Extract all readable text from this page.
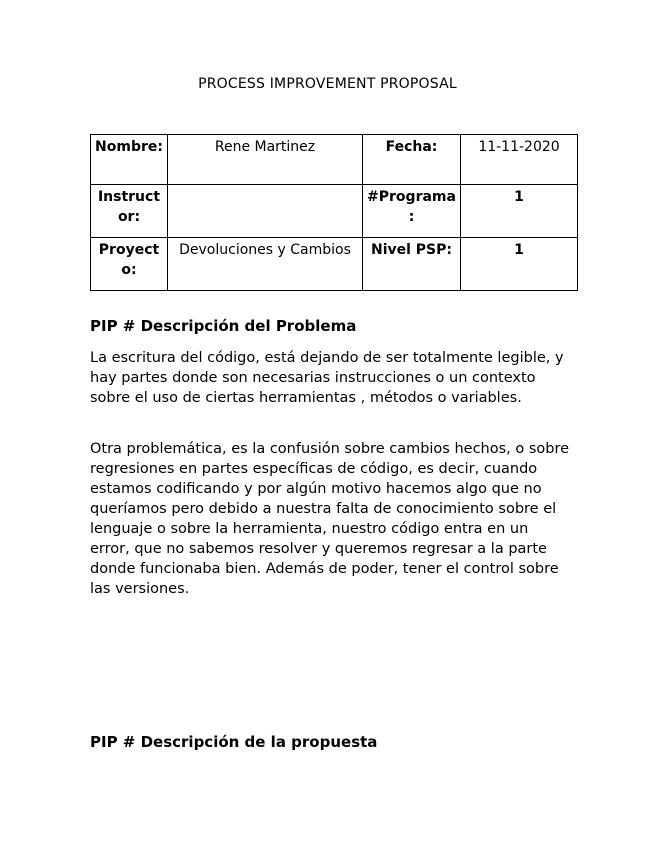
PROCESS IMPROVEMENT PROPOSAL
Nombre:	Rene Martinez	Fecha:	11-11-2020
Instructor:		#Programa:	1
Proyecto:	Devoluciones y Cambios	Nivel PSP:	1
PIP # Descripción del Problema

La escritura del código, está dejando de ser totalmente legible, y hay partes donde son necesarias instrucciones o un contexto sobre el uso de ciertas herramientas , métodos o variables.

Otra problemática, es la confusión sobre cambios hechos, o sobre regresiones en partes específicas de código, es decir, cuando estamos codificando y por algún motivo hacemos algo que no queríamos pero debido a nuestra falta de conocimiento sobre el lenguaje o sobre la herramienta, nuestro código entra en un error, que no sabemos resolver y queremos regresar a la parte donde funcionaba bien. Además de poder, tener el control sobre las versiones.

PIP # Descripción de la propuesta
